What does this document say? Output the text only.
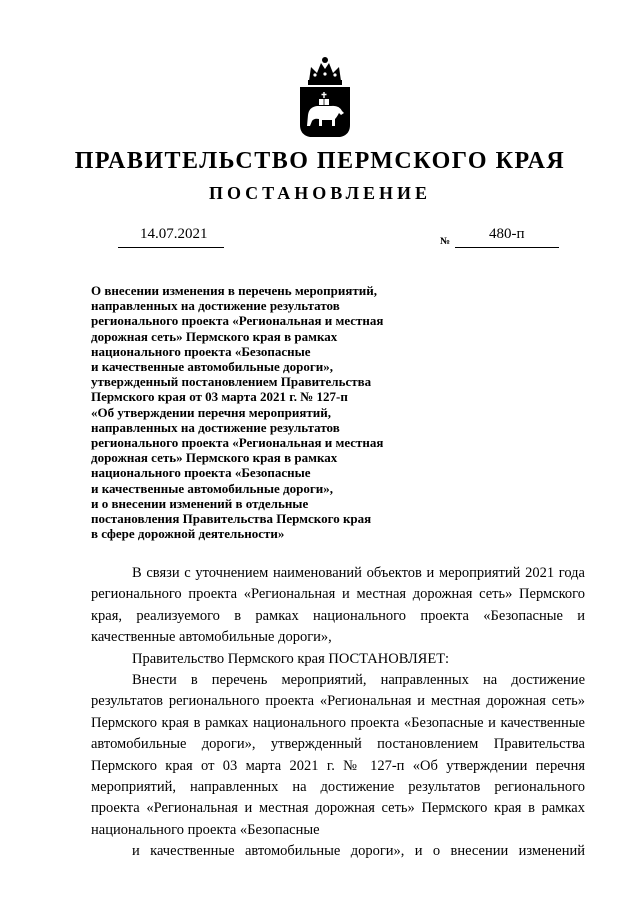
ПРАВИТЕЛЬСТВО ПЕРМСКОГО КРАЯ
ПОСТАНОВЛЕНИЕ
14.07.2021	№	480-п
О внесении изменения в перечень мероприятий,
направленных на достижение результатов
регионального проекта «Региональная и местная
дорожная сеть» Пермского края в рамках
национального проекта «Безопасные
и качественные автомобильные дороги»,
утвержденный постановлением Правительства
Пермского края от 03 марта 2021 г. № 127-п
«Об утверждении перечня мероприятий,
направленных на достижение результатов
регионального проекта «Региональная и местная
дорожная сеть» Пермского края в рамках
национального проекта «Безопасные
и качественные автомобильные дороги»,
и о внесении изменений в отдельные
постановления Правительства Пермского края
в сфере дорожной деятельности»

В связи с уточнением наименований объектов и мероприятий 2021 года регионального проекта «Региональная и местная дорожная сеть» Пермского края, реализуемого в рамках национального проекта «Безопасные и качественные автомобильные дороги»,

Правительство Пермского края ПОСТАНОВЛЯЕТ:

Внести в перечень мероприятий, направленных на достижение результатов регионального проекта «Региональная и местная дорожная сеть» Пермского края в рамках национального проекта «Безопасные и качественные автомобильные дороги», утвержденный постановлением Правительства Пермского края от 03 марта 2021 г. № 127-п «Об утверждении перечня мероприятий, направленных на достижение результатов регионального проекта «Региональная и местная дорожная сеть» Пермского края в рамках национального проекта «Безопасные
и качественные автомобильные дороги», и о внесении изменений
